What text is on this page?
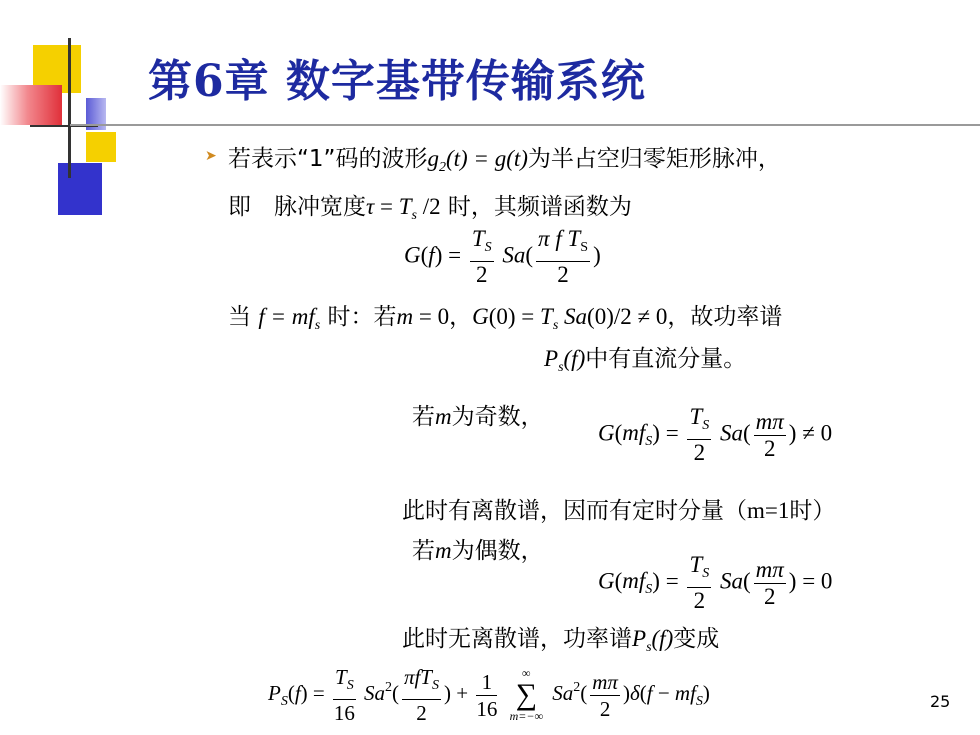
第6章 数字基带传输系统
➤ 若表示“1”码的波形$g_2(t) = g(t)$为半占空归零矩形脉冲，
即　脉冲宽度$\tau = T_s$ /2 时，其频谱函数为
$G(f) = \frac{T_S}{2} Sa( \frac{\pi f T_S}{2}$ )
当 $f = mf_s$ 时：若m = 0，$G(0) = T_s$ Sa(0)/2 ≠ 0，故功率谱
$P_s(f)$中有直流分量。
若m为奇数，
$G(mf_S) = \frac{T_S}{2} Sa( \frac{m\pi}{2}$ ) ≠ 0
此时有离散谱，因而有定时分量（m=1时）
若m为偶数，
$G(mf_S) = \frac{T_S}{2} Sa( \frac{m\pi}{2}$ ) = 0
此时无离散谱，功率谱$P_s(f)$变成
$P_S(f) = \frac{T_S}{16} Sa^2( \frac{\pi fT_S}{2}$ ) + $\frac{1}{16}$ ∞
∑
m=−∞ $Sa^2( \frac{m\pi}{2} )\delta(f - mf_S)$	25
